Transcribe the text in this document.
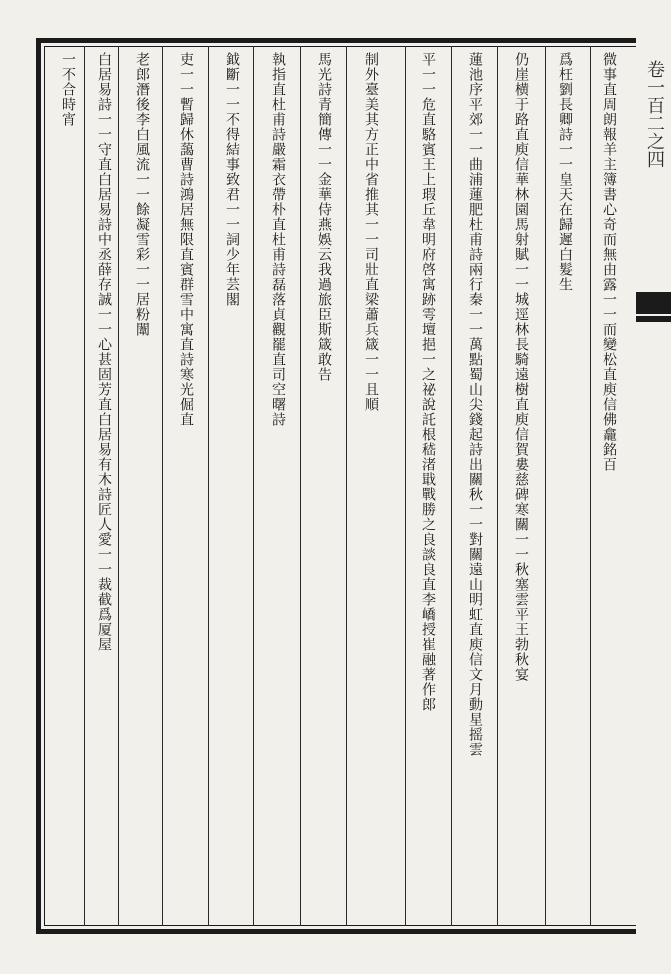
卷一百二之四
微事直周朗報羊主簿書心奇而無由露一一而變松直庾信佛龕銘百
爲枉劉長卿詩一一皇天在歸遲白髮生
仍崖横于路直庾信華林園馬射賦一一城逕林長騎遠樹直庾信賀婁慈碑寒關一一秋塞雲平王勃秋宴
蓮池序平郊一一曲浦蓮肥杜甫詩兩行秦一一萬點蜀山尖錢起詩出關秋一一對關遠山明虹直庾信文月動星摇雲
平一一危直駱賓王上瑕丘韋明府啓寓跡雩壇挹一之祕說託根嵇渚戢戰勝之良談良直李嶠授崔融著作郎
制外臺美其方正中省推其一一司壯直梁蕭兵箴一一且順
馬光詩青簡傳一一金華侍燕娛云我過旅臣斯箴敢告
執指直杜甫詩嚴霜衣帶朴直杜甫詩磊落貞觀罷直司空曙詩
鉞斷一一不得結事致君一一詞少年芸閣
吏一一暫歸休藹曹詩鴻居無限直賓群雪中寓直詩寒光倔直
老郎潛後李白風流一一餘凝雪彩一一居粉闈
白居易詩一一守直白居易詩中丞薛存誠一一心甚固芳直白居易有木詩匠人愛一一裁截爲厦屋
一不合時宵
